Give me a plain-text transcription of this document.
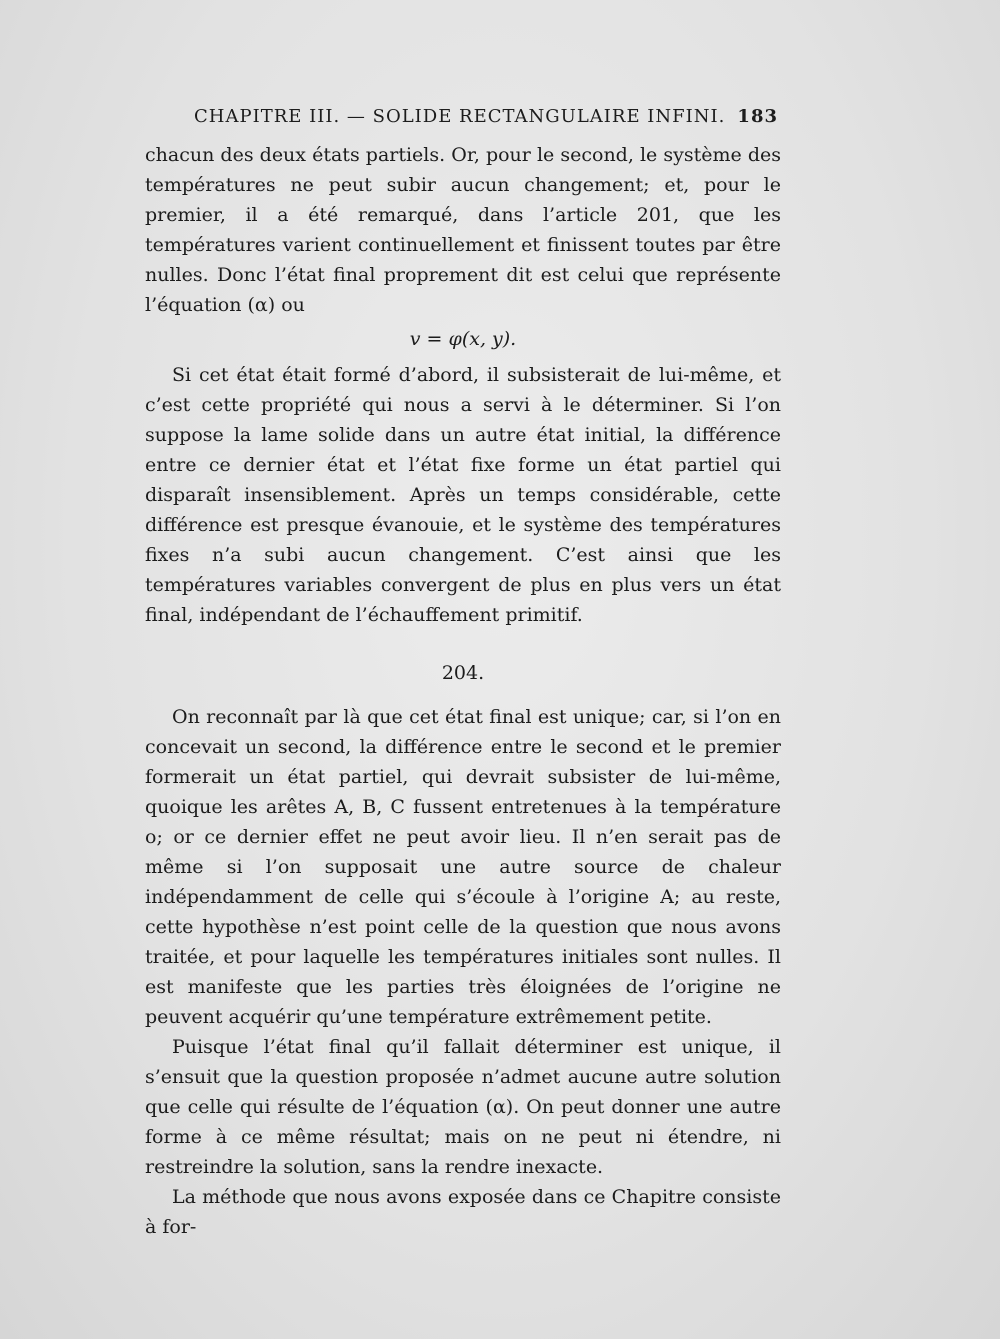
CHAPITRE III. — SOLIDE RECTANGULAIRE INFINI. 183

chacun des deux états partiels. Or, pour le second, le système des températures ne peut subir aucun changement; et, pour le premier, il a été remarqué, dans l’article 201, que les températures varient continuellement et finissent toutes par être nulles. Donc l’état final proprement dit est celui que représente l’équation (α) ou

v = φ(x, y).

Si cet état était formé d’abord, il subsisterait de lui-même, et c’est cette propriété qui nous a servi à le déterminer. Si l’on suppose la lame solide dans un autre état initial, la différence entre ce dernier état et l’état fixe forme un état partiel qui disparaît insensiblement. Après un temps considérable, cette différence est presque évanouie, et le système des températures fixes n’a subi aucun changement. C’est ainsi que les températures variables convergent de plus en plus vers un état final, indépendant de l’échauffement primitif.

204.

On reconnaît par là que cet état final est unique; car, si l’on en concevait un second, la différence entre le second et le premier formerait un état partiel, qui devrait subsister de lui-même, quoique les arêtes A, B, C fussent entretenues à la température o; or ce dernier effet ne peut avoir lieu. Il n’en serait pas de même si l’on supposait une autre source de chaleur indépendamment de celle qui s’écoule à l’origine A; au reste, cette hypothèse n’est point celle de la question que nous avons traitée, et pour laquelle les températures initiales sont nulles. Il est manifeste que les parties très éloignées de l’origine ne peuvent acquérir qu’une température extrêmement petite.

Puisque l’état final qu’il fallait déterminer est unique, il s’ensuit que la question proposée n’admet aucune autre solution que celle qui résulte de l’équation (α). On peut donner une autre forme à ce même résultat; mais on ne peut ni étendre, ni restreindre la solution, sans la rendre inexacte.

La méthode que nous avons exposée dans ce Chapitre consiste à for-
